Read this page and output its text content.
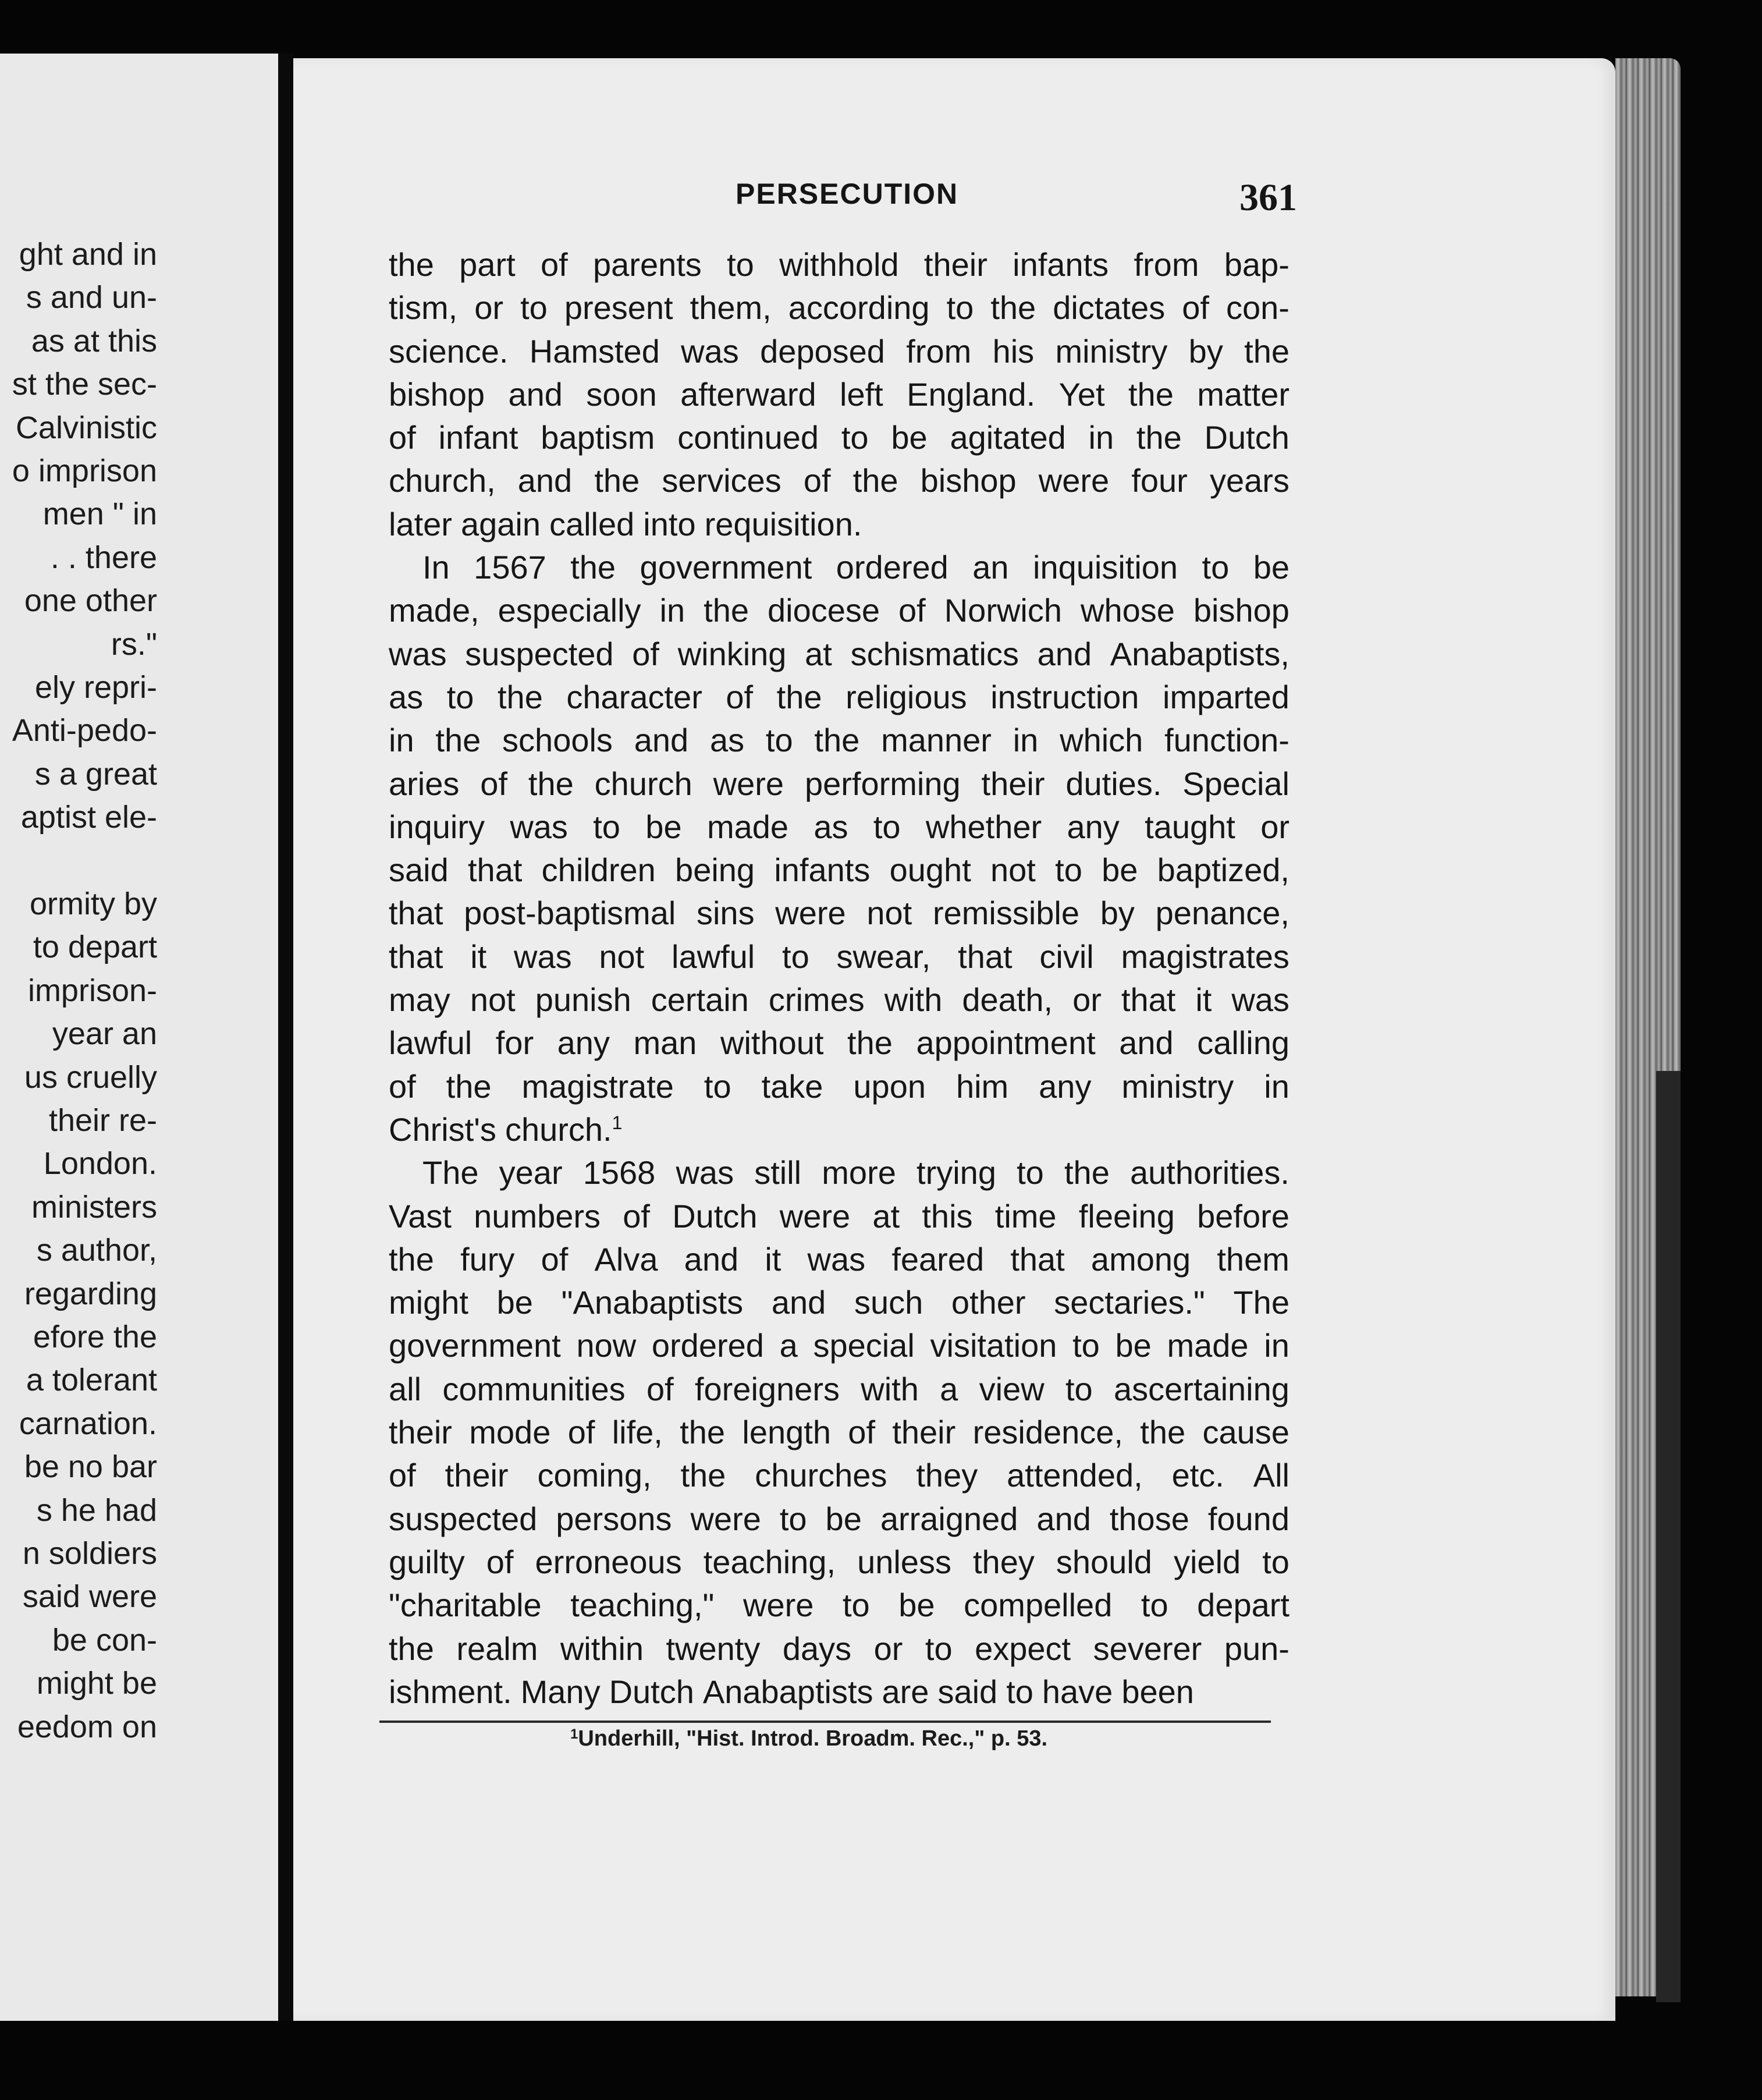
ght and in
s and un-
as at this
st the sec-
Calvinistic
o imprison
men " in
. . there
one other
rs."
ely repri-
Anti-pedo-
s a great
aptist ele-
ormity by
to depart
imprison-
year an
us cruelly
their re-
London.
ministers
s author,
regarding
efore the
a tolerant
carnation.
be no bar
s he had
n soldiers
said were
be con-
might be
eedom on
PERSECUTION	361
the part of parents to withhold their infants from bap-
tism, or to present them, according to the dictates of con-
science. Hamsted was deposed from his ministry by the
bishop and soon afterward left England. Yet the matter
of infant baptism continued to be agitated in the Dutch
church, and the services of the bishop were four years
later again called into requisition.
In 1567 the government ordered an inquisition to be
made, especially in the diocese of Norwich whose bishop
was suspected of winking at schismatics and Anabaptists,
as to the character of the religious instruction imparted
in the schools and as to the manner in which function-
aries of the church were performing their duties. Special
inquiry was to be made as to whether any taught or
said that children being infants ought not to be baptized,
that post-baptismal sins were not remissible by penance,
that it was not lawful to swear, that civil magistrates
may not punish certain crimes with death, or that it was
lawful for any man without the appointment and calling
of the magistrate to take upon him any ministry in
Christ's church.$^1$
The year 1568 was still more trying to the authorities.
Vast numbers of Dutch were at this time fleeing before
the fury of Alva and it was feared that among them
might be "Anabaptists and such other sectaries." The
government now ordered a special visitation to be made in
all communities of foreigners with a view to ascertaining
their mode of life, the length of their residence, the cause
of their coming, the churches they attended, etc. All
suspected persons were to be arraigned and those found
guilty of erroneous teaching, unless they should yield to
"charitable teaching," were to be compelled to depart
the realm within twenty days or to expect severer pun-
ishment. Many Dutch Anabaptists are said to have been
$^1$Underhill, "Hist. Introd. Broadm. Rec.," p. 53.
